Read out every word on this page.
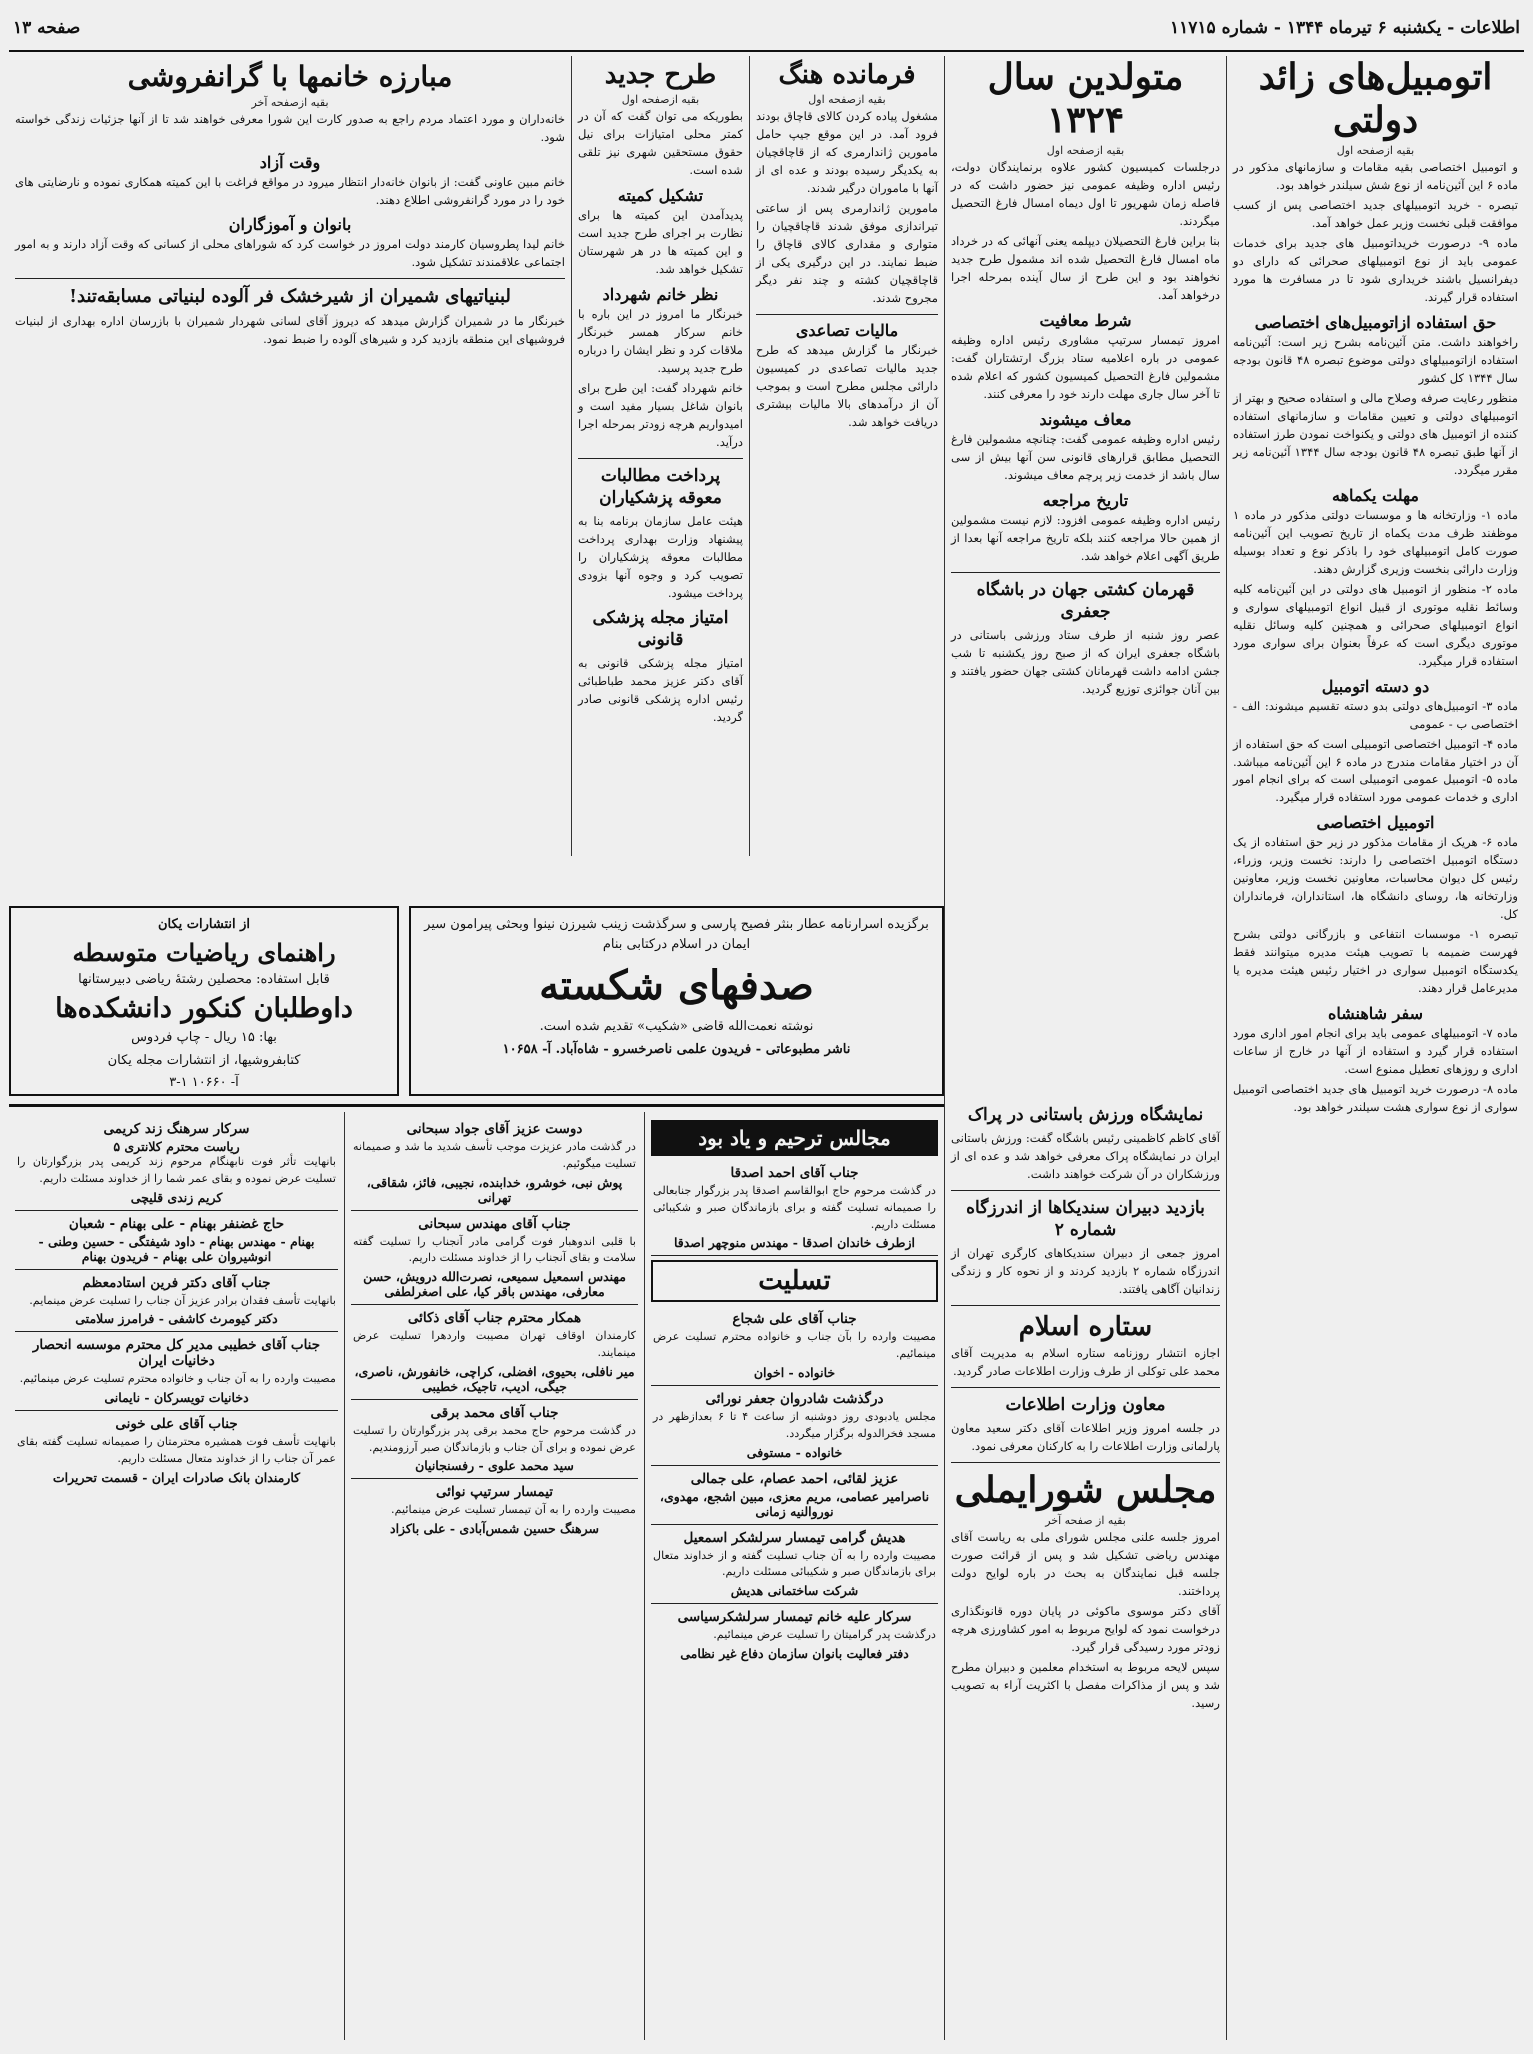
اطلاعات - یکشنبه ۶ تیرماه ۱۳۴۴ - شماره ۱۱۷۱۵
صفحه ۱۳
اتومبیل‌های زائد دولتی

بقیه ازصفحه اول

و اتومبیل اختصاصی بقیه مقامات و سازمانهای مذکور در ماده ۶ این آئین‌نامه از نوع شش سیلندر خواهد بود.

تبصره - خرید اتومبیلهای جدید اختصاصی پس از کسب موافقت قبلی نخست وزیر عمل خواهد آمد.

ماده ۹- درصورت خریداتومبیل های جدید برای خدمات عمومی باید از نوع اتومبیلهای صحرائی که دارای دو دیفرانسیل باشند خریداری شود تا در مسافرت ها مورد استفاده قرار گیرند.

حق استفاده ازاتومبیل‌های اختصاصی

راخواهند داشت. متن آئین‌نامه بشرح زیر است: آئین‌نامه استفاده ازاتومبیلهای دولتی موضوع تبصره ۴۸ قانون بودجه سال ۱۳۴۴ کل کشور

منظور رعایت صرفه وصلاح مالی و استفاده صحیح و بهتر از اتومبیلهای دولتی و تعیین مقامات و سازمانهای استفاده کننده از اتومبیل های دولتی و یکنواخت نمودن طرز استفاده از آنها طبق تبصره ۴۸ قانون بودجه سال ۱۳۴۴ آئین‌نامه زیر مقرر میگردد.

مهلت یکماهه

ماده ۱- وزارتخانه ها و موسسات دولتی مذکور در ماده ۱ موظفند ظرف مدت یکماه از تاریخ تصویب این آئین‌نامه صورت کامل اتومبیلهای خود را باذکر نوع و تعداد بوسیله وزارت دارائی بنخست وزیری گزارش دهند.

ماده ۲- منظور از اتومبیل های دولتی در این آئین‌نامه کلیه وسائط نقلیه موتوری از قبیل انواع اتومبیلهای سواری و انواع اتومبیلهای صحرائی و همچنین کلیه وسائل نقلیه موتوری دیگری است که عرفاً بعنوان برای سواری مورد استفاده قرار میگیرد.

دو دسته اتومبیل

ماده ۳- اتومبیل‌های دولتی بدو دسته تقسیم میشوند: الف - اختصاصی ب - عمومی

ماده ۴- اتومبیل اختصاصی اتومبیلی است که حق استفاده از آن در اختیار مقامات مندرج در ماده ۶ این آئین‌نامه میباشد. ماده ۵- اتومبیل عمومی اتومبیلی است که برای انجام امور اداری و خدمات عمومی مورد استفاده قرار میگیرد.

اتومبیل اختصاصی

ماده ۶- هریک از مقامات مذکور در زیر حق استفاده از یک دستگاه اتومبیل اختصاصی را دارند: نخست وزیر، وزراء، رئیس کل دیوان محاسبات، معاونین نخست وزیر، معاونین وزارتخانه ها، روسای دانشگاه ها، استانداران، فرمانداران کل.

تبصره ۱- موسسات انتفاعی و بازرگانی دولتی بشرح فهرست ضمیمه با تصویب هیئت مدیره میتوانند فقط یکدستگاه اتومبیل سواری در اختیار رئیس هیئت مدیره یا مدیرعامل قرار دهند.

سفر شاهنشاه

ماده ۷- اتومبیلهای عمومی باید برای انجام امور اداری مورد استفاده قرار گیرد و استفاده از آنها در خارج از ساعات اداری و روزهای تعطیل ممنوع است.

ماده ۸- درصورت خرید اتومبیل های جدید اختصاصی اتومبیل سواری از نوع سواری هشت سیلندر خواهد بود.

متولدین سال ۱۳۲۴

بقیه ازصفحه اول

درجلسات کمیسیون کشور علاوه برنمایندگان دولت، رئیس اداره وظیفه عمومی نیز حضور داشت که در فاصله زمان شهریور تا اول دیماه امسال فارغ التحصیل میگردند.

بنا براین فارغ التحصیلان دیپلمه یعنی آنهائی که در خرداد ماه امسال فارغ التحصیل شده اند مشمول طرح جدید نخواهند بود و این طرح از سال آینده بمرحله اجرا درخواهد آمد.

شرط معافیت

امروز تیمسار سرتیپ مشاوری رئیس اداره وظیفه عمومی در باره اعلامیه ستاد بزرگ ارتشتاران گفت: مشمولین فارغ التحصیل کمیسیون کشور که اعلام شده تا آخر سال جاری مهلت دارند خود را معرفی کنند.

معاف میشوند

رئیس اداره وظیفه عمومی گفت: چنانچه مشمولین فارغ التحصیل مطابق قرارهای قانونی سن آنها بیش از سی سال باشد از خدمت زیر پرچم معاف میشوند.

تاریخ مراجعه

رئیس اداره وظیفه عمومی افزود: لازم نیست مشمولین از همین حالا مراجعه کنند بلکه تاریخ مراجعه آنها بعدا از طریق آگهی اعلام خواهد شد.

قهرمان کشتی جهان در باشگاه جعفری

عصر روز شنبه از طرف ستاد ورزشی باستانی در باشگاه جعفری ایران که از صبح روز یکشنبه تا شب جشن ادامه داشت قهرمانان کشتی جهان حضور یافتند و بین آنان جوائزی توزیع گردید.

فرمانده هنگ

بقیه ازصفحه اول

مشغول پیاده کردن کالای قاچاق بودند فرود آمد. در این موقع جیپ حامل مامورین ژاندارمری که از قاچاقچیان به یکدیگر رسیده بودند و عده ای از آنها با ماموران درگیر شدند.

مامورین ژاندارمری پس از ساعتی تیراندازی موفق شدند قاچاقچیان را متواری و مقداری کالای قاچاق را ضبط نمایند. در این درگیری یکی از قاچاقچیان کشته و چند نفر دیگر مجروح شدند.

مالیات تصاعدی

خبرنگار ما گزارش میدهد که طرح جدید مالیات تصاعدی در کمیسیون دارائی مجلس مطرح است و بموجب آن از درآمدهای بالا مالیات بیشتری دریافت خواهد شد.

طرح جدید

بقیه ازصفحه اول

بطوریکه می توان گفت که آن در کمتر محلی امتیازات برای نیل حقوق مستحقین شهری نیز تلقی شده است.

تشکیل کمیته

پدیدآمدن این کمیته ها برای نظارت بر اجرای طرح جدید است و این کمیته ها در هر شهرستان تشکیل خواهد شد.

نظر خانم شهرداد

خبرنگار ما امروز در این باره با خانم سرکار همسر خبرنگار ملاقات کرد و نظر ایشان را درباره طرح جدید پرسید.

خانم شهرداد گفت: این طرح برای بانوان شاغل بسیار مفید است و امیدواریم هرچه زودتر بمرحله اجرا درآید.

پرداخت مطالبات معوقه پزشکیاران

هیئت عامل سازمان برنامه بنا به پیشنهاد وزارت بهداری پرداخت مطالبات معوقه پزشکیاران را تصویب کرد و وجوه آنها بزودی پرداخت میشود.

امتیاز مجله پزشکی قانونی

امتیاز مجله پزشکی قانونی به آقای دکتر عزیز محمد طباطبائی رئیس اداره پزشکی قانونی صادر گردید.

مبارزه خانمها با گرانفروشی

بقیه ازصفحه آخر

خانه‌داران و مورد اعتماد مردم راجع به صدور کارت این شورا معرفی خواهند شد تا از آنها جزئیات زندگی خواسته شود.

وقت آزاد

خانم مبین عاونی گفت: از بانوان خانه‌دار انتظار میرود در مواقع فراغت با این کمیته همکاری نموده و نارضایتی های خود را در مورد گرانفروشی اطلاع دهند.

بانوان و آموزگاران

خانم لیدا پطروسیان کارمند دولت امروز در خواست کرد که شوراهای محلی از کسانی که وقت آزاد دارند و به امور اجتماعی علاقمندند تشکیل شود.

لبنیاتیهای شمیران از شیرخشک فر آلوده لبنیاتی مسابقه‌تند!

خبرنگار ما در شمیران گزارش میدهد که دیروز آقای لسانی شهردار شمیران با بازرسان اداره بهداری از لبنیات فروشیهای این منطقه بازدید کرد و شیرهای آلوده را ضبط نمود.

از انتشارات یکان

راهنمای ریاضیات متوسطه

قابل استفاده: محصلین رشتهٔ ریاضی دبیرستانها

داوطلبان کنکور دانشکده‌ها

بها: ۱۵ ریال - چاپ فردوس

کتابفروشیها، از انتشارات مجله یکان

آ- ۱۰۶۶۰ ۱-۳

برگزیده اسرارنامه عطار بنثر فصیح پارسی و سرگذشت زینب شیرزن نینوا وبحثی پیرامون سیر ایمان در اسلام درکتابی بنام

صدفهای شکسته

نوشته نعمت‌الله قاضی «شکیب» تقدیم شده است.

ناشر مطبوعاتی - فریدون علمی ناصرخسرو - شاه‌آباد. آ- ۱۰۶۵۸

نمایشگاه ورزش باستانی در پراک

آقای کاظم کاظمینی رئیس باشگاه گفت: ورزش باستانی ایران در نمایشگاه پراک معرفی خواهد شد و عده ای از ورزشکاران در آن شرکت خواهند داشت.

بازدید دبیران سندیکاها از اندرزگاه شماره ۲

امروز جمعی از دبیران سندیکاهای کارگری تهران از اندرزگاه شماره ۲ بازدید کردند و از نحوه کار و زندگی زندانیان آگاهی یافتند.

ستاره اسلام

اجازه انتشار روزنامه ستاره اسلام به مدیریت آقای محمد علی توکلی از طرف وزارت اطلاعات صادر گردید.

معاون وزارت اطلاعات

در جلسه امروز وزیر اطلاعات آقای دکتر سعید معاون پارلمانی وزارت اطلاعات را به کارکنان معرفی نمود.

مجلس شورایملی

بقیه از صفحه آخر

امروز جلسه علنی مجلس شورای ملی به ریاست آقای مهندس ریاضی تشکیل شد و پس از قرائت صورت جلسه قبل نمایندگان به بحث در باره لوایح دولت پرداختند.

آقای دکتر موسوی ماکوئی در پایان دوره قانونگذاری درخواست نمود که لوایح مربوط به امور کشاورزی هرچه زودتر مورد رسیدگی قرار گیرد.

سپس لایحه مربوط به استخدام معلمین و دبیران مطرح شد و پس از مذاکرات مفصل با اکثریت آراء به تصویب رسید.

مجالس ترحیم و یاد بود

جناب آقای احمد اصدقا

در گذشت مرحوم حاج ابوالقاسم اصدقا پدر بزرگوار جنابعالی را صمیمانه تسلیت گفته و برای بازماندگان صبر و شکیبائی مسئلت داریم.

ازطرف خاندان اصدقا - مهندس منوچهر اصدقا

تسلیت

جناب آقای علی شجاع

مصیبت وارده را بآن جناب و خانواده محترم تسلیت عرض مینمائیم.

خانواده - اخوان

درگذشت شادروان جعفر نورائی

مجلس یادبودی روز دوشنبه از ساعت ۴ تا ۶ بعدازظهر در مسجد فخرالدوله برگزار میگردد.

خانواده - مستوفی

عزیز لقائی، احمد عصام، علی جمالی

ناصرامیر عصامی، مریم معزی، مبین اشجع، مهدوی، نوروالنیه زمانی

هدیش گرامی تیمسار سرلشکر اسمعیل

مصیبت وارده را به آن جناب تسلیت گفته و از خداوند متعال برای بازماندگان صبر و شکیبائی مسئلت داریم.

شرکت ساختمانی هدیش

سرکار علیه خانم تیمسار سرلشکرسیاسی

درگذشت پدر گرامیتان را تسلیت عرض مینمائیم.

دفتر فعالیت بانوان سازمان دفاع غیر نظامی

دوست عزیز آقای جواد سبحانی

در گذشت مادر عزیزت موجب تأسف شدید ما شد و صمیمانه تسلیت میگوئیم.

پوش نبی، خوشرو، خدابنده، نجیبی، فائز، شقاقی، تهرانی

جناب آقای مهندس سبحانی

با قلبی اندوهبار فوت گرامی مادر آنجناب را تسلیت گفته سلامت و بقای آنجناب را از خداوند مسئلت داریم.

مهندس اسمعیل سمیعی، نصرت‌الله درویش، حسن معارفی، مهندس باقر کیا، علی اصغرلطفی

همکار محترم جناب آقای ذکائی

کارمندان اوقاف تهران مصیبت واردهرا تسلیت عرض مینمایند.

میر نافلی، بحیوی، افضلی، کراچی، خانفورش، ناصری، جیگی، ادیب، تاجیک، خطیبی

جناب آقای محمد برقی

در گذشت مرحوم حاج محمد برقی پدر بزرگوارتان را تسلیت عرض نموده و برای آن جناب و بازماندگان صبر آرزومندیم.

سید محمد علوی - رفسنجانیان

تیمسار سرتیپ نوائی

مصیبت وارده را به آن تیمسار تسلیت عرض مینمائیم.

سرهنگ حسین شمس‌آبادی - علی باکزاد

سرکار سرهنگ زند کریمی

ریاست محترم کلانتری ۵

بانهایت تأثر فوت نابهنگام مرحوم زند کریمی پدر بزرگوارتان را تسلیت عرض نموده و بقای عمر شما را از خداوند مسئلت داریم.

کریم زندی قلیچی

حاج غضنفر بهنام - علی بهنام - شعبان

بهنام - مهندس بهنام - داود شیفتگی - حسین وطنی - انوشیروان علی بهنام - فریدون بهنام

جناب آقای دکتر فرین استادمعظم

بانهایت تأسف فقدان برادر عزیز آن جناب را تسلیت عرض مینمایم.

دکتر کیومرث کاشفی - فرامرز سلامتی

جناب آقای خطیبی مدیر کل محترم موسسه انحصار دخانیات ایران

مصیبت وارده را به آن جناب و خانواده محترم تسلیت عرض مینمائیم.

دخانیات تویسرکان - نایمانی

جناب آقای علی خونی

بانهایت تأسف فوت همشیره محترمتان را صمیمانه تسلیت گفته بقای عمر آن جناب را از خداوند متعال مسئلت داریم.

کارمندان بانک صادرات ایران - قسمت تحریرات
